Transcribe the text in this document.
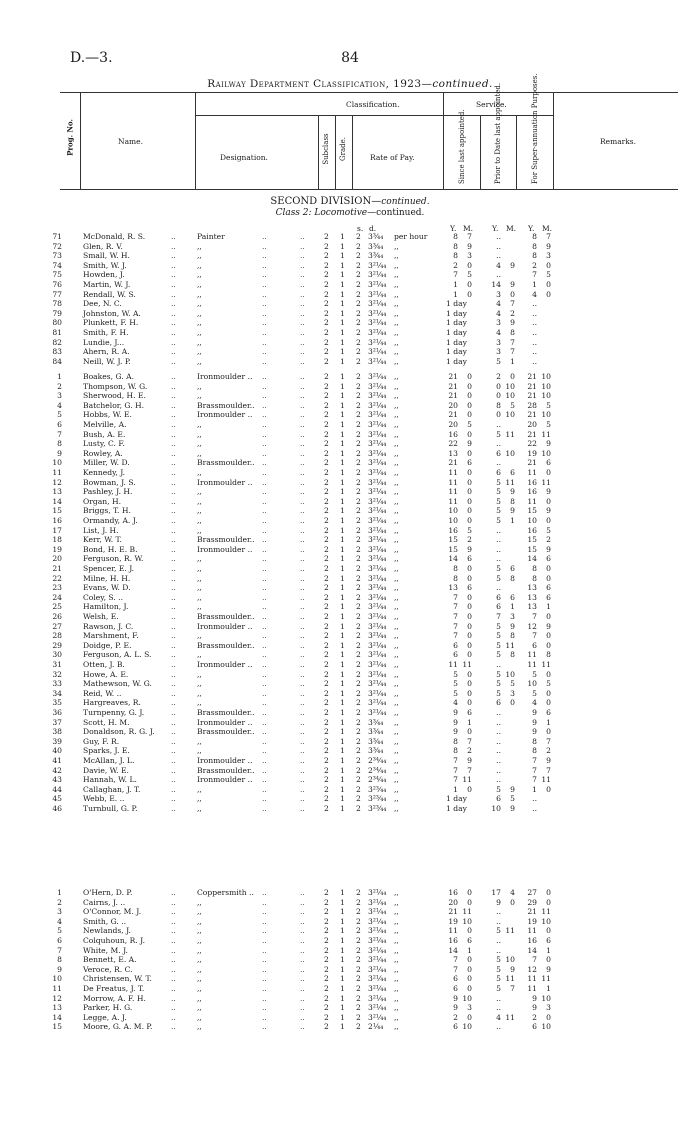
D.—3.	84
Railway Department Classification, 1923—continued.
Prog. No.	Name.
Classification.
Designation.	Subclass Grade.	Rate of Pay.
Service.
Since last appointed.	Prior to Date last appointed.	For Super-annuation Purposes.	Remarks.
SECOND DIVISION—continued.
Class 2: Locomotive—continued.
s. d.	Y. M.	Y. M. Y. M.
71	McDonald, R. S.	Painter	2 1 2 3³⁄₄₄ per hour	8	7	..	8	7
..	..	..
72	Glen, R. V.	,,	2 1 2 3³⁄₄₄ ,,	8	9	..	8	9
..	..	..
73	Small, W. H.	,,	2 1 2 3³⁄₄₄ ,,	8	3	..	8	3
..	..	..
74	Smith, W. J.	,,	2 1 2 3²¹⁄₄₄ ,,	2	0	4	9	2	0
..	..	..
75	Howden, J.	,,	2 1 2 3²¹⁄₄₄ ,,	7	5	..	7	5
..	..	..
76	Martin, W. J.	,,	2 1 2 3²¹⁄₄₄ ,,	1	0	14	9	1	0
..	..	..
77	Rendall, W. S.	,,	2 1 2 3²¹⁄₄₄ ,,	1	0	3	0	4	0
..	..	..
78	Dee, N. C.	,,	2 1 2 3²¹⁄₄₄ ,,	1 day	4	7	..
..	..	..
79	Johnston, W. A.	,,	2 1 2 3²¹⁄₄₄ ,,	1 day	4	2	..
..	..	..
80	Plunkett, F. H.	,,	2 1 2 3²¹⁄₄₄ ,,	1 day	3	9	..
..	..	..
81	Smith, F. H.	,,	2 1 2 3²¹⁄₄₄ ,,	1 day	4	8	..
..	..	..
82	Lundie, J...	,,	2 1 2 3²¹⁄₄₄ ,,	1 day	3	7	..
..	..	..
83	Ahern, R. A.	,,	2 1 2 3²¹⁄₄₄ ,,	1 day	3	7	..
..	..	..
84	Neill, W. J. P.	,,	2 1 2 3²¹⁄₄₄ ,,	1 day	5	1	..
..	..	..
1	Boakes, G. A.	Ironmoulder ..	2 1 2 3²¹⁄₄₄ ,,	21	0	2	0	21 10
..	..	..
2	Thompson, W. G.	,,	2 1 2 3²¹⁄₄₄ ,,	21	0	0 10	21 10
..	..	..
3	Sherwood, H. E.	,,	2 1 2 3²¹⁄₄₄ ,,	21	0	0 10	21 10
..	..	..
4	Batchelor, G. H.	Brassmoulder..	2 1 2 3²¹⁄₄₄ ,,	20	0	8	5	28	5
..	..	..
5	Hobbs, W. E.	Ironmoulder ..	2 1 2 3²¹⁄₄₄ ,,	21	0	0 10	21 10
..	..	..
6	Melville, A.	,,	2 1 2 3²¹⁄₄₄ ,,	20	5	..	20	5
..	..	..
7	Bush, A. E.	,,	2 1 2 3²¹⁄₄₄ ,,	16	0	5 11	21 11
..	..	..
8	Lusty, C. F.	,,	2 1 2 3²¹⁄₄₄ ,,	22	9	..	22	9
..	..	..
9	Rowley, A.	,,	2 1 2 3²¹⁄₄₄ ,,	13	0	6 10	19 10
..	..	..
10	Miller, W. D.	Brassmoulder..	2 1 2 3²¹⁄₄₄ ,,	21	6	..	21	6
..	..	..
11	Kennedy, J.	,,	2 1 2 3²¹⁄₄₄ ,,	11	0	6	6	11	0
..	..	..
12	Bowman, J. S.	Ironmoulder ..	2 1 2 3²¹⁄₄₄ ,,	11	0	5 11	16 11
..	..	..
13	Pashley, J. H.	,,	2 1 2 3²¹⁄₄₄ ,,	11	0	5	9	16	9
..	..	..
14	Organ, H.	,,	2 1 2 3²¹⁄₄₄ ,,	11	0	5	8	11	0
..	..	..
15	Briggs, T. H.	,,	2 1 2 3²¹⁄₄₄ ,,	10	0	5	9	15	9
..	..	..
16	Ormandy, A. J.	,,	2 1 2 3²¹⁄₄₄ ,,	10	0	5	1	10	0
..	..	..
17	List, J. H.	,,	2 1 2 3²¹⁄₄₄ ,,	16	5	..	16	5
..	..	..
18	Kerr, W. T.	Brassmoulder..	2 1 2 3²¹⁄₄₄ ,,	15	2	..	15	2
..	..	..
19	Bond, H. E. B.	Ironmoulder ..	2 1 2 3²¹⁄₄₄ ,,	15	9	..	15	9
..	..	..
20	Ferguson, R. W.	,,	2 1 2 3²¹⁄₄₄ ,,	14	6	..	14	6
..	..	..
21	Spencer, E. J.	,,	2 1 2 3²¹⁄₄₄ ,,	8	0	5	6	8	0
..	..	..
22	Milne, H. H.	,,	2 1 2 3²¹⁄₄₄ ,,	8	0	5	8	8	0
..	..	..
23	Evans, W. D.	,,	2 1 2 3²¹⁄₄₄ ,,	13	6	..	13	6
..	..	..
24	Coley, S. ..	,,	2 1 2 3²¹⁄₄₄ ,,	7	0	6	6	13	6
..	..	..
25	Hamilton, J.	,,	2 1 2 3²¹⁄₄₄ ,,	7	0	6	1	13	1
..	..	..
26	Welsh, E.	Brassmoulder..	2 1 2 3²¹⁄₄₄ ,,	7	0	7	3	7	0
..	..	..
27	Rawson, J. C.	Ironmoulder ..	2 1 2 3²¹⁄₄₄ ,,	7	0	5	9	12	9
..	..	..
28	Marshment, F.	,,	2 1 2 3²¹⁄₄₄ ,,	7	0	5	8	7	0
..	..	..
29	Doidge, P. E.	Brassmoulder..	2 1 2 3²¹⁄₄₄ ,,	6	0	5 11	6	0
..	..	..
30	Ferguson, A. L. S.	,,	2 1 2 3²¹⁄₄₄ ,,	6	0	5	8	11	8
..	..	..
31	Otten, J. B.	Ironmoulder ..	2 1 2 3²¹⁄₄₄ ,,	11 11	..	11 11
..	..	..
32	Howe, A. E.	,,	2 1 2 3²¹⁄₄₄ ,,	5	0	5 10	5	0
..	..	..
33	Mathewson, W. G.	,,	2 1 2 3²¹⁄₄₄ ,,	5	0	5	5	10	5
..	..	..
34	Reid, W. ..	,,	2 1 2 3²¹⁄₄₄ ,,	5	0	5	3	5	0
..	..	..
35	Hargreaves, R.	,,	2 1 2 3²¹⁄₄₄ ,,	4	0	6	0	4	0
..	..	..
36	Turnpenny, G. J.	Brassmoulder..	2 1 2 3²¹⁄₄₄ ,,	9	6	..	9	6
..	..	..
37	Scott, H. M.	Ironmoulder ..	2 1 2 3³⁄₄₄ ,,	9	1	..	9	1
..	..	..
38	Donaldson, R. G. J.	Brassmoulder..	2 1 2 3³⁄₄₄ ,,	9	0	..	9	0
..	..	..
39	Guy, F. R.	,,	2 1 2 3³⁄₄₄ ,,	8	7	..	8	7
..	..	..
40	Sparks, J. E.	,,	2 1 2 3³⁄₄₄ ,,	8	2	..	8	2
..	..	..
41	McAllan, J. L.	Ironmoulder ..	2 1 2 2³⁴⁄₄₄ ,,	7	9	..	7	9
..	..	..
42	Davie, W. E.	Brassmoulder..	2 1 2 2³⁴⁄₄₄ ,,	7	7	..	7	7
..	..	..
43	Hannah, W. L.	Ironmoulder ..	2 1 2 2³⁴⁄₄₄ ,,	7 11	..	7 11
..	..	..
44	Callaghan, J. T.	,,	2 1 2 3²³⁄₄₄ ,,	1	0	5	9	1	0
..	..	..
45	Webb, E. ..	,,	2 1 2 3²³⁄₄₄ ,,	1 day	6	5	..
..	..	..
46	Turnbull, G. P.	,,	2 1 2 3²³⁄₄₄ ,,	1 day	10	9	..
..	..	..
1	O'Hern, D. P.	Coppersmith ..	2 1 2 3²¹⁄₄₄ ,,	16	0	17	4	27	0
..	..	..
2	Cairns, J. ..	,,	2 1 2 3²¹⁄₄₄ ,,	20	0	9	0	29	0
..	..	..
3	O'Connor, M. J.	,,	2 1 2 3²¹⁄₄₄ ,,	21 11	..	21 11
..	..	..
4	Smith, G. ..	,,	2 1 2 3²¹⁄₄₄ ,,	19 10	..	19 10
..	..	..
5	Newlands, J.	,,	2 1 2 3²¹⁄₄₄ ,,	11	0	5 11	11	0
..	..	..
6	Colquhoun, R. J.	,,	2 1 2 3²¹⁄₄₄ ,,	16	6	..	16	6
..	..	..
7	White, M. J.	,,	2 1 2 3²¹⁄₄₄ ,,	14	1	..	14	1
..	..	..
8	Bennett, E. A.	,,	2 1 2 3²¹⁄₄₄ ,,	7	0	5 10	7	0
..	..	..
9	Veroce, R. C.	,,	2 1 2 3²¹⁄₄₄ ,,	7	0	5	9	12	9
..	..	..
10	Christensen, W. T.	,,	2 1 2 3²¹⁄₄₄ ,,	6	0	5 11	11 11
..	..	..
11	De Freatus, J. T.	,,	2 1 2 3²¹⁄₄₄ ,,	6	0	5	7	11	1
..	..	..
12	Morrow, A. F. H.	,,	2 1 2 3²¹⁄₄₄ ,,	9 10	..	9 10
..	..	..
13	Parker, H. G.	,,	2 1 2 3²¹⁄₄₄ ,,	9	3	..	9	3
..	..	..
14	Legge, A. J.	,,	2 1 2 3²¹⁄₄₄ ,,	2	0	4 11	2	0
..	..	..
15	Moore, G. A. M. P.	,,	2 1 2 2¹⁄₄₄ ,,	6 10	..	6 10
..	..	..
